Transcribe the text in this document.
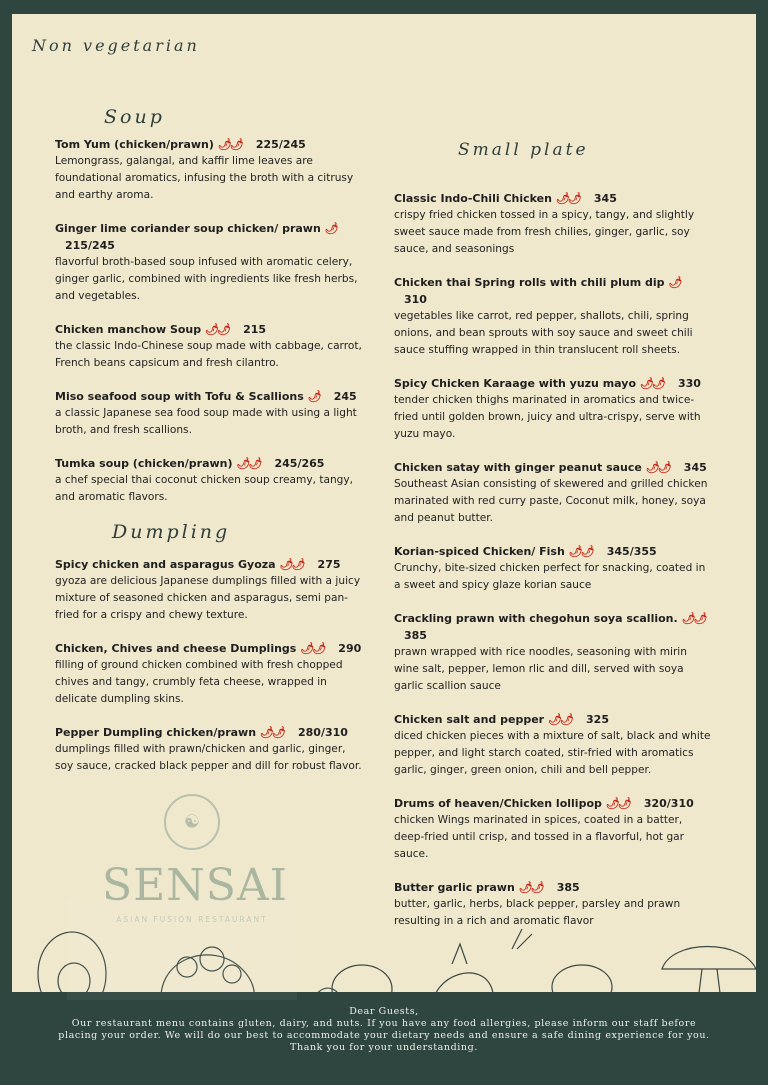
Non vegetarian
Soup
Tom Yum (chicken/prawn) 🌶🌶 225/245
Lemongrass, galangal, and kaffir lime leaves are foundational aromatics, infusing the broth with a citrusy and earthy aroma.
Ginger lime coriander soup chicken/ prawn 🌶215/245
flavorful broth-based soup infused with aromatic celery, ginger garlic, combined with ingredients like fresh herbs, and vegetables.
Chicken manchow Soup 🌶🌶 215
the classic Indo-Chinese soup made with cabbage, carrot, French beans capsicum and fresh cilantro.
Miso seafood soup with Tofu & Scallions 🌶 245
a classic Japanese sea food soup made with using a light broth, and fresh scallions.
Tumka soup (chicken/prawn) 🌶🌶 245/265
a chef special thai coconut chicken soup creamy, tangy, and aromatic flavors.
Dumpling
Spicy chicken and asparagus Gyoza 🌶🌶 275
gyoza are delicious Japanese dumplings filled with a juicy mixture of seasoned chicken and asparagus, semi pan-fried for a crispy and chewy texture.
Chicken, Chives and cheese Dumplings 🌶🌶 290
filling of ground chicken combined with fresh chopped chives and tangy, crumbly feta cheese, wrapped in delicate dumpling skins.
Pepper Dumpling chicken/prawn 🌶🌶 280/310
dumplings filled with prawn/chicken and garlic, ginger, soy sauce, cracked black pepper and dill for robust flavor.
Small plate
Classic Indo-Chili Chicken 🌶🌶 345
crispy fried chicken tossed in a spicy, tangy, and slightly sweet sauce made from fresh chilies, ginger, garlic, soy sauce, and seasonings
Chicken thai Spring rolls with chili plum dip 🌶310
vegetables like carrot, red pepper, shallots, chili, spring onions, and bean sprouts with soy sauce and sweet chili sauce stuffing wrapped in thin translucent roll sheets.
Spicy Chicken Karaage with yuzu mayo 🌶🌶 330
tender chicken thighs marinated in aromatics and twice-fried until golden brown, juicy and ultra-crispy, serve with yuzu mayo.
Chicken satay with ginger peanut sauce 🌶🌶 345
Southeast Asian consisting of skewered and grilled chicken marinated with red curry paste, Coconut milk, honey, soya and peanut butter.
Korian-spiced Chicken/ Fish 🌶🌶 345/355
Crunchy, bite-sized chicken perfect for snacking, coated in a sweet and spicy glaze korian sauce
Crackling prawn with chegohun soya scallion. 🌶🌶385
prawn wrapped with rice noodles, seasoning with mirin wine salt, pepper, lemon rlic and dill, served with soya garlic scallion sauce
Chicken salt and pepper 🌶🌶 325
diced chicken pieces with a mixture of salt, black and white pepper, and light starch coated, stir-fried with aromatics garlic, ginger, green onion, chili and bell pepper.
Drums of heaven/Chicken lollipop 🌶🌶 320/310
chicken Wings marinated in spices, coated in a batter, deep-fried until crisp, and tossed in a flavorful, hot gar sauce.
Butter garlic prawn 🌶🌶 385
butter, garlic, herbs, black pepper, parsley and prawn resulting in a rich and aromatic flavor
☯
SENSAI
ASIAN FUSION RESTAURANT
Dear Guests,
Our restaurant menu contains gluten, dairy, and nuts. If you have any food allergies, please inform our staff before
placing your order. We will do our best to accommodate your dietary needs and ensure a safe dining experience for you.
Thank you for your understanding.
